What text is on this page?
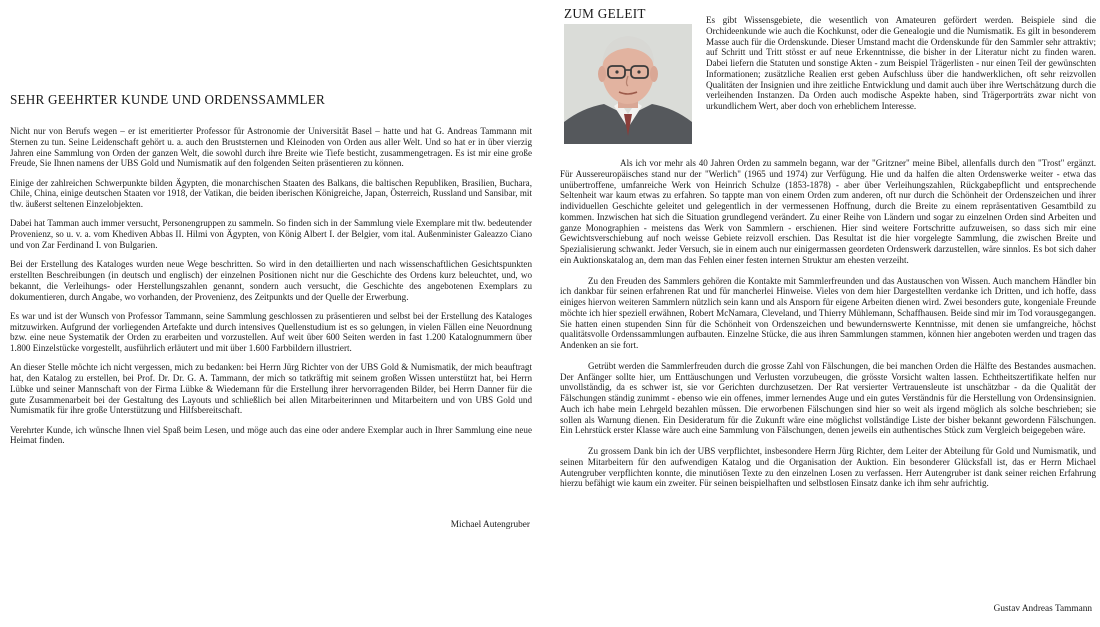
SEHR GEEHRTER KUNDE UND ORDENSSAMMLER

Nicht nur von Berufs wegen – er ist emeritierter Professor für Astronomie der Universität Basel – hatte und hat G. Andreas Tammann mit Sternen zu tun. Seine Leidenschaft gehört u. a. auch den Bruststernen und Kleinoden von Orden aus aller Welt. Und so hat er in über vierzig Jahren eine Sammlung von Orden der ganzen Welt, die sowohl durch ihre Breite wie Tiefe besticht, zusammengetragen. Es ist mir eine große Freude, Sie Ihnen namens der UBS Gold und Numismatik auf den folgenden Seiten präsentieren zu können.

Einige der zahlreichen Schwerpunkte bilden Ägypten, die monarchischen Staaten des Balkans, die baltischen Republiken, Brasilien, Buchara, Chile, China, einige deutschen Staaten vor 1918, der Vatikan, die beiden iberischen Königreiche, Japan, Österreich, Russland und Sansibar, mit tlw. äußerst seltenen Einzelobjekten.

Dabei hat Tamman auch immer versucht, Personengruppen zu sammeln. So finden sich in der Sammlung viele Exemplare mit tlw. bedeutender Provenienz, so u. v. a. vom Khediven Abbas II. Hilmi von Ägypten, von König Albert I. der Belgier, vom ital. Außenminister Galeazzo Ciano und von Zar Ferdinand I. von Bulgarien.

Bei der Erstellung des Kataloges wurden neue Wege beschritten. So wird in den detaillierten und nach wissenschaftlichen Gesichtspunkten erstellten Beschreibungen (in deutsch und englisch) der einzelnen Positionen nicht nur die Geschichte des Ordens kurz beleuchtet, und, wo bekannt, die Verleihungs- oder Herstellungszahlen genannt, sondern auch versucht, die Geschichte des angebotenen Exemplars zu dokumentieren, durch Angabe, wo vorhanden, der Provenienz, des Zeitpunkts und der Quelle der Erwerbung.

Es war und ist der Wunsch von Professor Tammann, seine Sammlung geschlossen zu präsentieren und selbst bei der Erstellung des Kataloges mitzuwirken. Aufgrund der vorliegenden Artefakte und durch intensives Quellenstudium ist es so gelungen, in vielen Fällen eine Neuordnung bzw. eine neue Systematik der Orden zu erarbeiten und vorzustellen. Auf weit über 600 Seiten werden in fast 1.200 Katalognummern über 1.800 Einzelstücke vorgestellt, ausführlich erläutert und mit über 1.600 Farbbildern illustriert.

An dieser Stelle möchte ich nicht vergessen, mich zu bedanken: bei Herrn Jürg Richter von der UBS Gold & Numismatik, der mich beauftragt hat, den Katalog zu erstellen, bei Prof. Dr. Dr. G. A. Tammann, der mich so tatkräftig mit seinem großen Wissen unterstützt hat, bei Herrn Lübke und seiner Mannschaft von der Firma Lübke & Wiedemann für die Erstellung ihrer hervorragenden Bilder, bei Herrn Danner für die gute Zusammenarbeit bei der Gestaltung des Layouts und schließlich bei allen Mitarbeiterinnen und Mitarbeitern und von UBS Gold und Numismatik für ihre große Unterstützung und Hilfsbereitschaft.

Verehrter Kunde, ich wünsche Ihnen viel Spaß beim Lesen, und möge auch das eine oder andere Exemplar auch in Ihrer Sammlung eine neue Heimat finden.

Michael Autengruber

ZUM GELEIT	Es gibt Wissensgebiete, die wesentlich von Amateuren gefördert werden. Beispiele sind die Orchideenkunde wie auch die Kochkunst, oder die Genealogie und die Numismatik. Es gilt in besonderem Masse auch für die Ordenskunde. Dieser Umstand macht die Ordenskunde für den Sammler sehr attraktiv; auf Schritt und Tritt stösst er auf neue Erkenntnisse, die bisher in der Literatur nicht zu finden waren. Dabei liefern die Statuten und sonstige Akten - zum Beispiel Trägerlisten - nur einen Teil der gewünschten Informationen; zusätzliche Realien erst geben Aufschluss über die handwerklichen, oft sehr reizvollen Qualitäten der Insignien und ihre zeitliche Entwicklung und damit auch über ihre Wertschätzung durch die verleihenden Instanzen. Da Orden auch modische Aspekte haben, sind Trägerporträts zwar nicht von urkundlichem Wert, aber doch von erheblichem Interesse.

Als ich vor mehr als 40 Jahren Orden zu sammeln begann, war der "Gritzner" meine Bibel, allenfalls durch den "Trost" ergänzt. Für Aussereuropäisches stand nur der "Werlich" (1965 und 1974) zur Verfügung. Hie und da halfen die alten Ordenswerke weiter - etwa das unübertroffene, umfanreiche Werk von Heinrich Schulze (1853-1878) - aber über Verleihungszahlen, Rückgabepflicht und entsprechende Seltenheit war kaum etwas zu erfahren. So tappte man von einem Orden zum anderen, oft nur durch die Schönheit der Ordenszeichen und ihrer individuellen Geschichte geleitet und gelegentlich in der vermessenen Hoffnung, durch die Breite zu einem repräsentativen Gesamtbild zu kommen. Inzwischen hat sich die Situation grundlegend verändert. Zu einer Reihe von Ländern und sogar zu einzelnen Orden sind Arbeiten und ganze Monographien - meistens das Werk von Sammlern - erschienen. Hier sind weitere Fortschritte aufzuweisen, so dass sich mir eine Gewichtsverschiebung auf noch weisse Gebiete reizvoll erschien. Das Resultat ist die hier vorgelegte Sammlung, die zwischen Breite und Spezialisierung schwankt. Jeder Versuch, sie in einem auch nur einigermassen geordeten Ordenswerk darzustellen, wäre sinnlos. Es bot sich daher ein Auktionskatalog an, dem man das Fehlen einer festen internen Struktur am ehesten verzeiht.

Zu den Freuden des Sammlers gehören die Kontakte mit Sammlerfreunden und das Austauschen von Wissen. Auch manchem Händler bin ich dankbar für seinen erfahrenen Rat und für mancherlei Hinweise. Vieles von dem hier Dargestellten verdanke ich Dritten, und ich hoffe, dass einiges hiervon weiteren Sammlern nützlich sein kann und als Ansporn für eigene Arbeiten dienen wird. Zwei besonders gute, kongeniale Freunde möchte ich hier speziell erwähnen, Robert McNamara, Cleveland, und Thierry Mühlemann, Schaffhausen. Beide sind mir im Tod vorausgegangen. Sie hatten einen stupenden Sinn für die Schönheit von Ordenszeichen und bewundernswerte Kenntnisse, mit denen sie umfangreiche, höchst qualitätsvolle Ordenssammlungen aufbauten. Einzelne Stücke, die aus ihren Sammlungen stammen, können hier angeboten werden und tragen das Andenken an sie fort.

Getrübt werden die Sammlerfreuden durch die grosse Zahl von Fälschungen, die bei manchen Orden die Hälfte des Bestandes ausmachen. Der Anfänger sollte hier, um Enttäuschungen und Verlusten vorzubeugen, die grösste Vorsicht walten lassen. Echtheitszertifikate helfen nur unvollständig, da es schwer ist, sie vor Gerichten durchzusetzen. Der Rat versierter Vertrauensleute ist unschätzbar - da die Qualität der Fälschungen ständig zunimmt - ebenso wie ein offenes, immer lernendes Auge und ein gutes Verständnis für die Herstellung von Ordensinsignien. Auch ich habe mein Lehrgeld bezahlen müssen. Die erworbenen Fälschungen sind hier so weit als irgend möglich als solche beschrieben; sie sollen als Warnung dienen. Ein Desideratum für die Zukunft wäre eine möglichst vollständige Liste der bisher bekannt gewordenn Fälschungen. Ein Lehrstück erster Klasse wäre auch eine Sammlung von Fälschungen, denen jeweils ein authentisches Stück zum Vergleich beigegeben wäre.

Zu grossem Dank bin ich der UBS verpflichtet, insbesondere Herrn Jürg Richter, dem Leiter der Abteilung für Gold und Numismatik, und seinen Mitarbeitern für den aufwendigen Katalog und die Organisation der Auktion. Ein besonderer Glücksfall ist, das er Herrn Michael Autengruber verpflichten konnte, die minutiösen Texte zu den einzelnen Losen zu verfassen. Herr Autengruber ist dank seiner reichen Erfahrung hierzu befähigt wie kaum ein zweiter. Für seinen beispielhaften und selbstlosen Einsatz danke ich ihm sehr aufrichtig.

Gustav Andreas Tammann
